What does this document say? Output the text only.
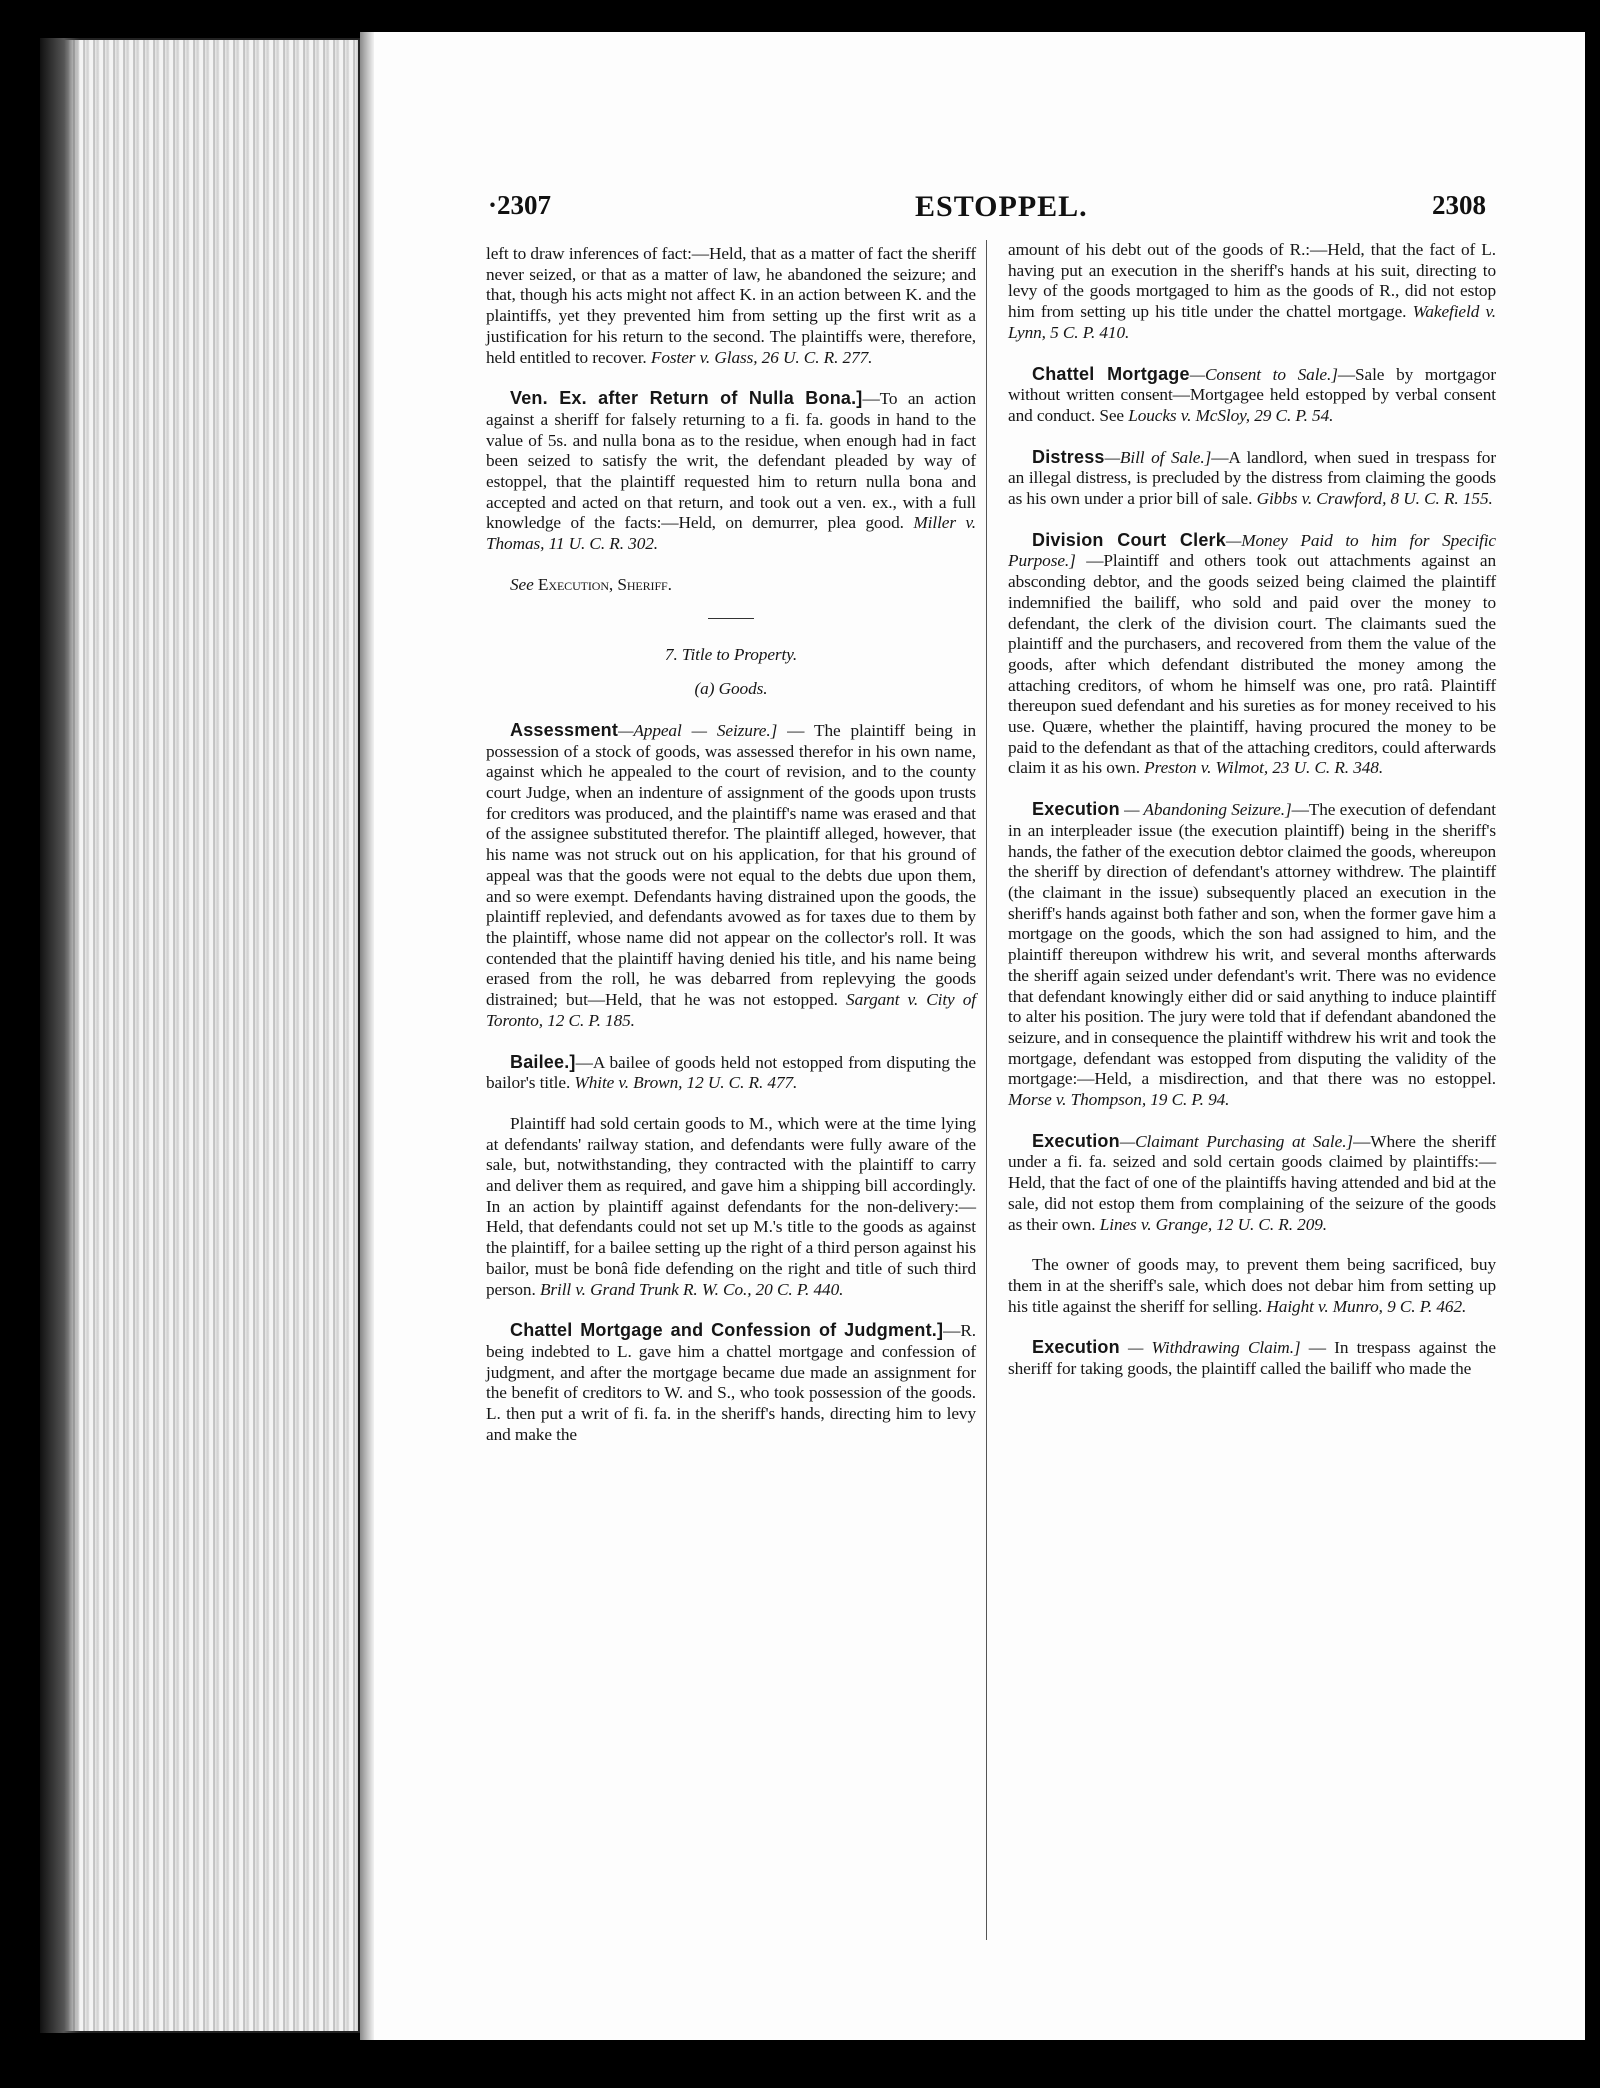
·2307	ESTOPPEL.	2308

left to draw inferences of fact:—Held, that as a matter of fact the sheriff never seized, or that as a matter of law, he abandoned the seizure; and that, though his acts might not affect K. in an action between K. and the plaintiffs, yet they prevented him from setting up the first writ as a justification for his return to the second. The plaintiffs were, therefore, held entitled to recover. Foster v. Glass, 26 U. C. R. 277.

Ven. Ex. after Return of Nulla Bona.]—To an action against a sheriff for falsely returning to a fi. fa. goods in hand to the value of 5s. and nulla bona as to the residue, when enough had in fact been seized to satisfy the writ, the defendant pleaded by way of estoppel, that the plaintiff requested him to return nulla bona and accepted and acted on that return, and took out a ven. ex., with a full knowledge of the facts:—Held, on demurrer, plea good. Miller v. Thomas, 11 U. C. R. 302.

See Execution, Sheriff.

7. Title to Property.

(a) Goods.

Assessment—Appeal — Seizure.] — The plaintiff being in possession of a stock of goods, was assessed therefor in his own name, against which he appealed to the court of revision, and to the county court Judge, when an indenture of assignment of the goods upon trusts for creditors was produced, and the plaintiff's name was erased and that of the assignee substituted therefor. The plaintiff alleged, however, that his name was not struck out on his application, for that his ground of appeal was that the goods were not equal to the debts due upon them, and so were exempt. Defendants having distrained upon the goods, the plaintiff replevied, and defendants avowed as for taxes due to them by the plaintiff, whose name did not appear on the collector's roll. It was contended that the plaintiff having denied his title, and his name being erased from the roll, he was debarred from replevying the goods distrained; but—Held, that he was not estopped. Sargant v. City of Toronto, 12 C. P. 185.

Bailee.]—A bailee of goods held not estopped from disputing the bailor's title. White v. Brown, 12 U. C. R. 477.

Plaintiff had sold certain goods to M., which were at the time lying at defendants' railway station, and defendants were fully aware of the sale, but, notwithstanding, they contracted with the plaintiff to carry and deliver them as required, and gave him a shipping bill accordingly. In an action by plaintiff against defendants for the non-delivery:—Held, that defendants could not set up M.'s title to the goods as against the plaintiff, for a bailee setting up the right of a third person against his bailor, must be bonâ fide defending on the right and title of such third person. Brill v. Grand Trunk R. W. Co., 20 C. P. 440.

Chattel Mortgage and Confession of Judgment.]—R. being indebted to L. gave him a chattel mortgage and confession of judgment, and after the mortgage became due made an assignment for the benefit of creditors to W. and S., who took possession of the goods. L. then put a writ of fi. fa. in the sheriff's hands, directing him to levy and make the

amount of his debt out of the goods of R.:—Held, that the fact of L. having put an execution in the sheriff's hands at his suit, directing to levy of the goods mortgaged to him as the goods of R., did not estop him from setting up his title under the chattel mortgage. Wakefield v. Lynn, 5 C. P. 410.

Chattel Mortgage—Consent to Sale.]—Sale by mortgagor without written consent—Mortgagee held estopped by verbal consent and conduct. See Loucks v. McSloy, 29 C. P. 54.

Distress—Bill of Sale.]—A landlord, when sued in trespass for an illegal distress, is precluded by the distress from claiming the goods as his own under a prior bill of sale. Gibbs v. Crawford, 8 U. C. R. 155.

Division Court Clerk—Money Paid to him for Specific Purpose.] —Plaintiff and others took out attachments against an absconding debtor, and the goods seized being claimed the plaintiff indemnified the bailiff, who sold and paid over the money to defendant, the clerk of the division court. The claimants sued the plaintiff and the purchasers, and recovered from them the value of the goods, after which defendant distributed the money among the attaching creditors, of whom he himself was one, pro ratâ. Plaintiff thereupon sued defendant and his sureties as for money received to his use. Quære, whether the plaintiff, having procured the money to be paid to the defendant as that of the attaching creditors, could afterwards claim it as his own. Preston v. Wilmot, 23 U. C. R. 348.

Execution — Abandoning Seizure.]—The execution of defendant in an interpleader issue (the execution plaintiff) being in the sheriff's hands, the father of the execution debtor claimed the goods, whereupon the sheriff by direction of defendant's attorney withdrew. The plaintiff (the claimant in the issue) subsequently placed an execution in the sheriff's hands against both father and son, when the former gave him a mortgage on the goods, which the son had assigned to him, and the plaintiff thereupon withdrew his writ, and several months afterwards the sheriff again seized under defendant's writ. There was no evidence that defendant knowingly either did or said anything to induce plaintiff to alter his position. The jury were told that if defendant abandoned the seizure, and in consequence the plaintiff withdrew his writ and took the mortgage, defendant was estopped from disputing the validity of the mortgage:—Held, a misdirection, and that there was no estoppel. Morse v. Thompson, 19 C. P. 94.

Execution—Claimant Purchasing at Sale.]—Where the sheriff under a fi. fa. seized and sold certain goods claimed by plaintiffs:—Held, that the fact of one of the plaintiffs having attended and bid at the sale, did not estop them from complaining of the seizure of the goods as their own. Lines v. Grange, 12 U. C. R. 209.

The owner of goods may, to prevent them being sacrificed, buy them in at the sheriff's sale, which does not debar him from setting up his title against the sheriff for selling. Haight v. Munro, 9 C. P. 462.

Execution — Withdrawing Claim.] — In trespass against the sheriff for taking goods, the plaintiff called the bailiff who made the
